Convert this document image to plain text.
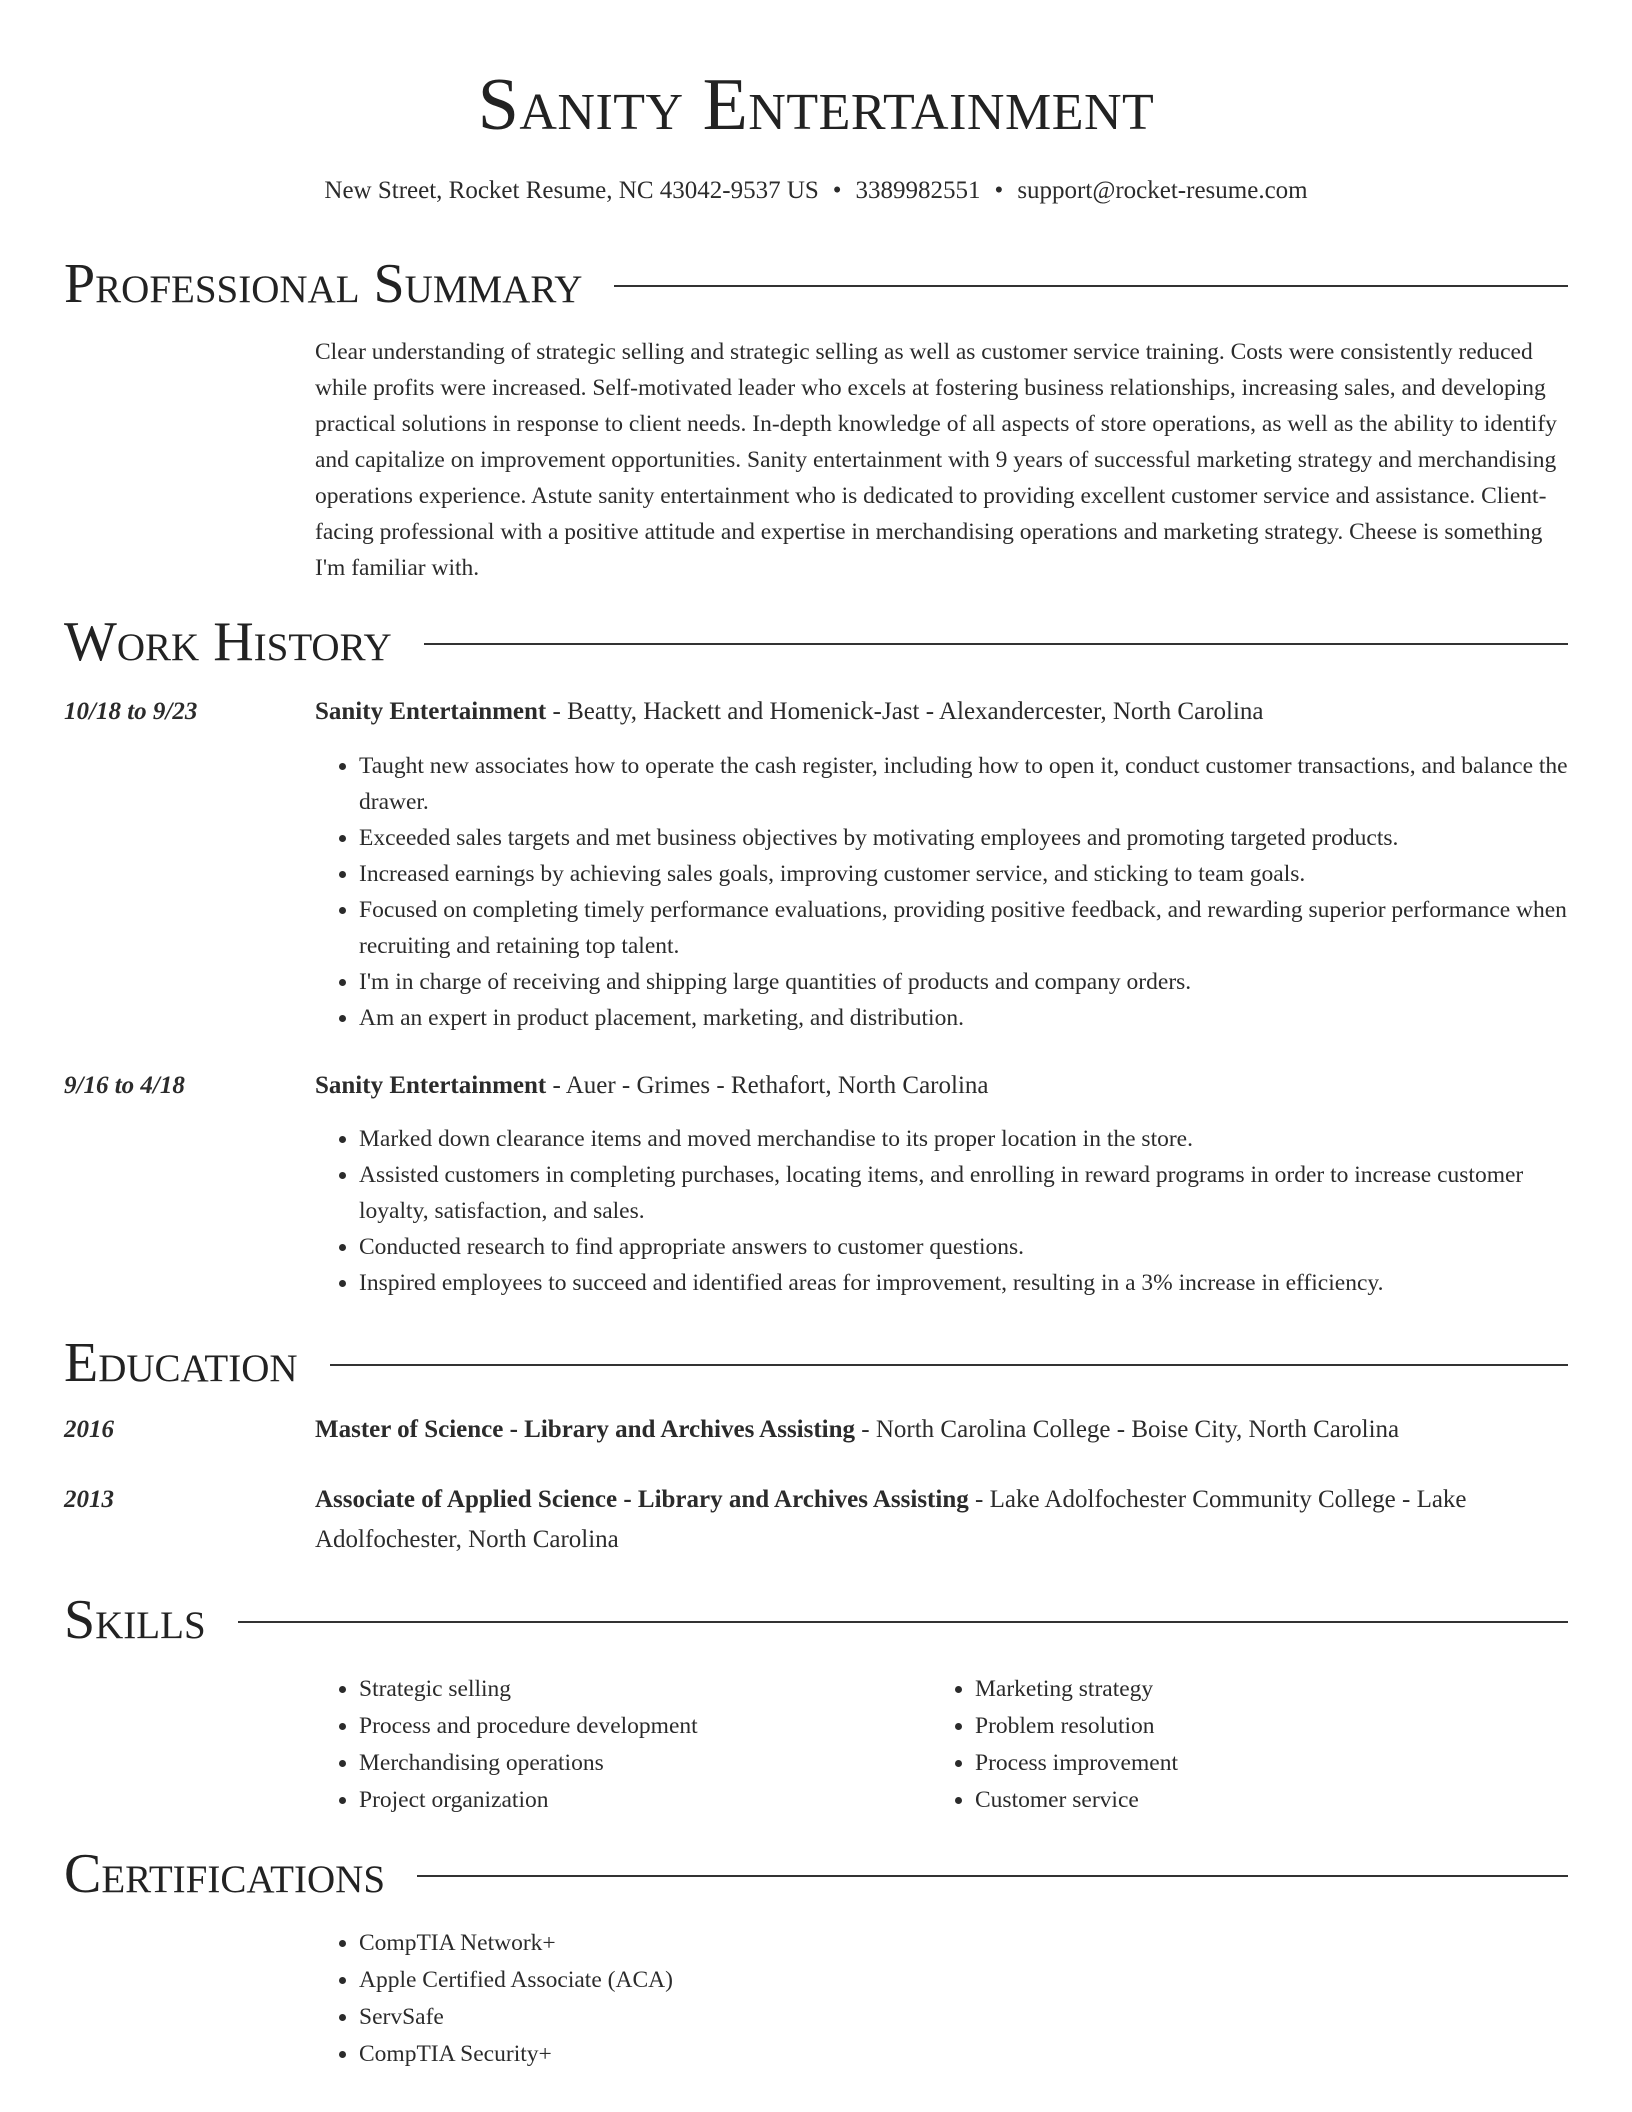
Sanity Entertainment
New Street, Rocket Resume, NC 43042-9537 US • 3389982551 • support@rocket-resume.com
Professional Summary
Clear understanding of strategic selling and strategic selling as well as customer service training. Costs were consistently reduced while profits were increased. Self-motivated leader who excels at fostering business relationships, increasing sales, and developing practical solutions in response to client needs. In-depth knowledge of all aspects of store operations, as well as the ability to identify and capitalize on improvement opportunities. Sanity entertainment with 9 years of successful marketing strategy and merchandising operations experience. Astute sanity entertainment who is dedicated to providing excellent customer service and assistance. Client-facing professional with a positive attitude and expertise in merchandising operations and marketing strategy. Cheese is something I'm familiar with.
Work History
10/18 to 9/23	Sanity Entertainment - Beatty, Hackett and Homenick-Jast - Alexandercester, North Carolina
• Taught new associates how to operate the cash register, including how to open it, conduct customer transactions, and balance the drawer.
• Exceeded sales targets and met business objectives by motivating employees and promoting targeted products.
• Increased earnings by achieving sales goals, improving customer service, and sticking to team goals.
• Focused on completing timely performance evaluations, providing positive feedback, and rewarding superior performance when recruiting and retaining top talent.
• I'm in charge of receiving and shipping large quantities of products and company orders.
• Am an expert in product placement, marketing, and distribution.
9/16 to 4/18	Sanity Entertainment - Auer - Grimes - Rethafort, North Carolina
• Marked down clearance items and moved merchandise to its proper location in the store.
• Assisted customers in completing purchases, locating items, and enrolling in reward programs in order to increase customer loyalty, satisfaction, and sales.
• Conducted research to find appropriate answers to customer questions.
• Inspired employees to succeed and identified areas for improvement, resulting in a 3% increase in efficiency.
Education
2016	Master of Science - Library and Archives Assisting - North Carolina College - Boise City, North Carolina
2013	Associate of Applied Science - Library and Archives Assisting - Lake Adolfochester Community College - Lake Adolfochester, North Carolina
Skills
• Strategic selling
• Process and procedure development
• Merchandising operations
• Project organization
• Marketing strategy
• Problem resolution
• Process improvement
• Customer service
Certifications
• CompTIA Network+
• Apple Certified Associate (ACA)
• ServSafe
• CompTIA Security+
